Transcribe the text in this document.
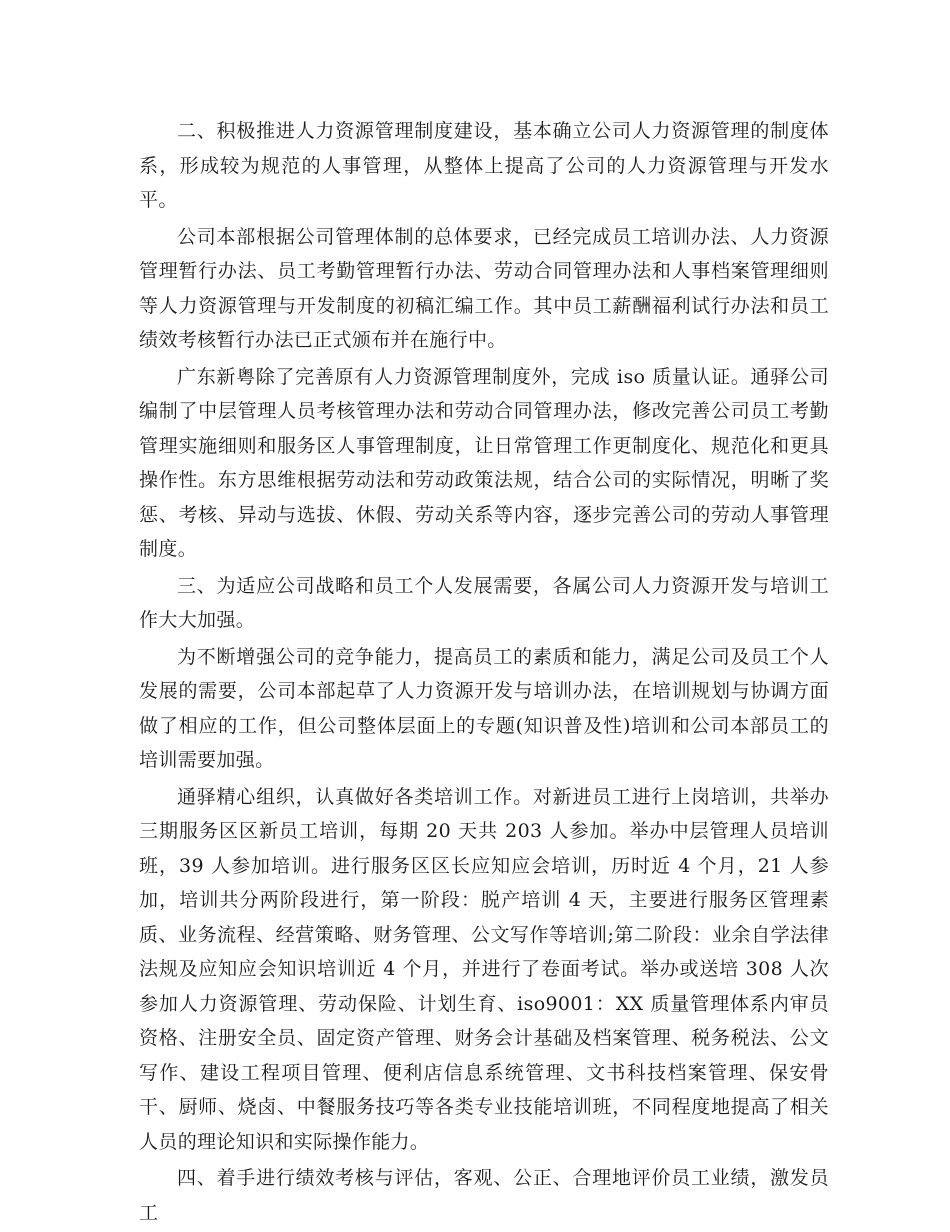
二、积极推进人力资源管理制度建设，基本确立公司人力资源管理的制度体系，形成较为规范的人事管理，从整体上提高了公司的人力资源管理与开发水平。

公司本部根据公司管理体制的总体要求，已经完成员工培训办法、人力资源管理暂行办法、员工考勤管理暂行办法、劳动合同管理办法和人事档案管理细则等人力资源管理与开发制度的初稿汇编工作。其中员工薪酬福利试行办法和员工绩效考核暂行办法已正式颁布并在施行中。

广东新粤除了完善原有人力资源管理制度外，完成 iso 质量认证。通驿公司编制了中层管理人员考核管理办法和劳动合同管理办法，修改完善公司员工考勤管理实施细则和服务区人事管理制度，让日常管理工作更制度化、规范化和更具操作性。东方思维根据劳动法和劳动政策法规，结合公司的实际情况，明晰了奖惩、考核、异动与选拔、休假、劳动关系等内容，逐步完善公司的劳动人事管理制度。

三、为适应公司战略和员工个人发展需要，各属公司人力资源开发与培训工作大大加强。

为不断增强公司的竞争能力，提高员工的素质和能力，满足公司及员工个人发展的需要，公司本部起草了人力资源开发与培训办法，在培训规划与协调方面做了相应的工作，但公司整体层面上的专题(知识普及性)培训和公司本部员工的培训需要加强。

通驿精心组织，认真做好各类培训工作。对新进员工进行上岗培训，共举办三期服务区区新员工培训，每期 20 天共 203 人参加。举办中层管理人员培训班，39 人参加培训。进行服务区区长应知应会培训，历时近 4 个月，21 人参加，培训共分两阶段进行，第一阶段：脱产培训 4 天，主要进行服务区管理素质、业务流程、经营策略、财务管理、公文写作等培训;第二阶段：业余自学法律法规及应知应会知识培训近 4 个月，并进行了卷面考试。举办或送培 308 人次参加人力资源管理、劳动保险、计划生育、iso9001：XX 质量管理体系内审员资格、注册安全员、固定资产管理、财务会计基础及档案管理、税务税法、公文写作、建设工程项目管理、便利店信息系统管理、文书科技档案管理、保安骨干、厨师、烧卤、中餐服务技巧等各类专业技能培训班，不同程度地提高了相关人员的理论知识和实际操作能力。

四、着手进行绩效考核与评估，客观、公正、合理地评价员工业绩，激发员工
